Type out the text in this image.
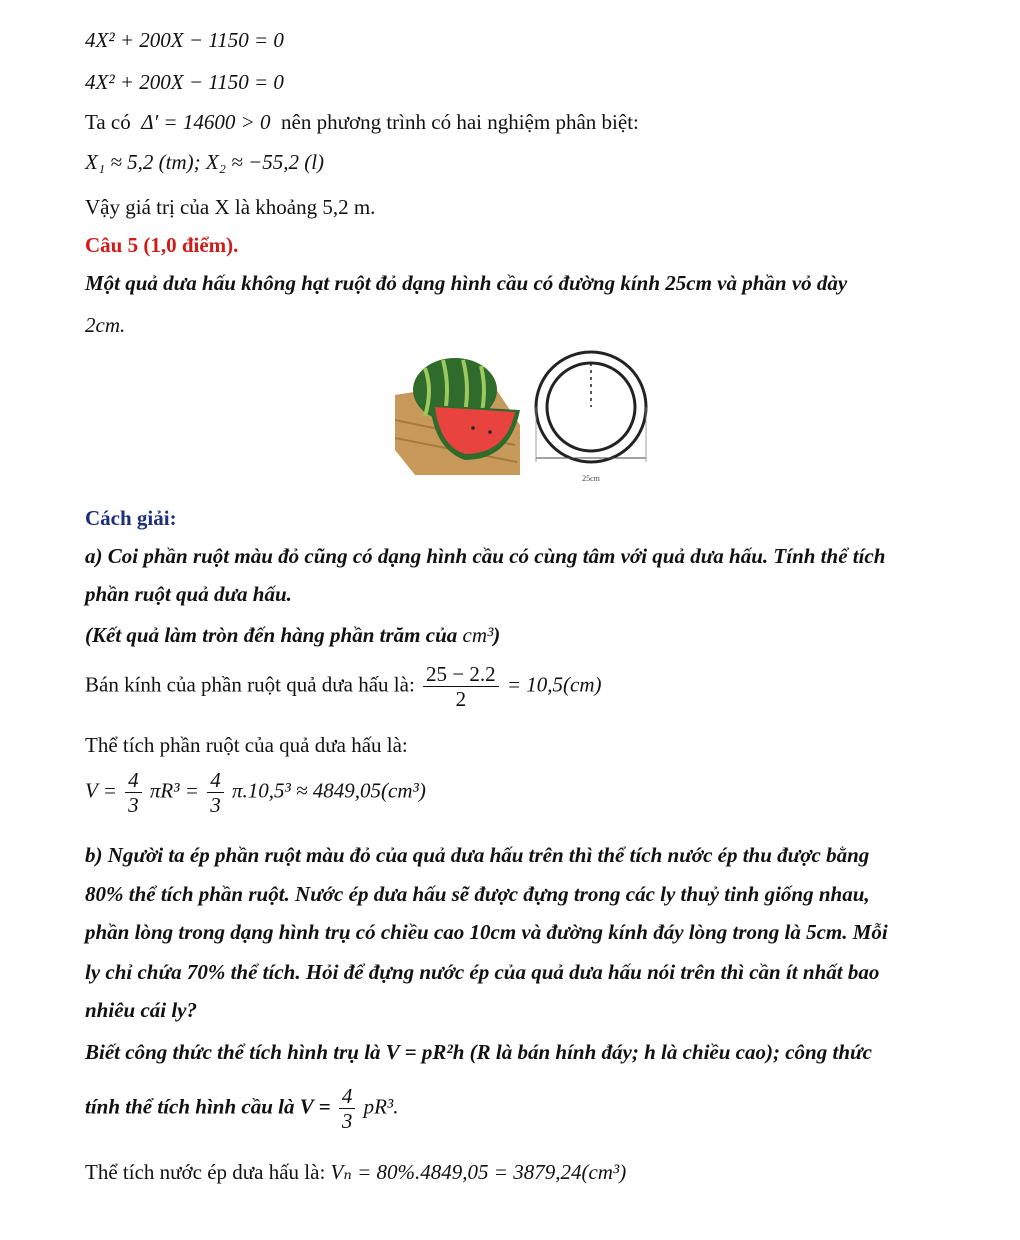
4X² + 200X − 1150 = 0
4X² + 200X − 1150 = 0
Ta có Δ′ = 14600 > 0 nên phương trình có hai nghiệm phân biệt:
X₁ ≈ 5,2 (tm); X₂ ≈ −55,2 (l)
Vậy giá trị của X là khoảng 5,2 m.
Câu 5 (1,0 điểm).
Một quả dưa hấu không hạt ruột đỏ dạng hình cầu có đường kính 25cm và phần vỏ dày
2cm.
25cm
Cách giải:
a) Coi phần ruột màu đỏ cũng có dạng hình cầu có cùng tâm với quả dưa hấu. Tính thể tích
phần ruột quả dưa hấu.
(Kết quả làm tròn đến hàng phần trăm của cm³)
Bán kính của phần ruột quả dưa hấu là: $\frac{25 - 2.2}{2} = 10,5(cm)$
Thể tích phần ruột của quả dưa hấu là:
$V = \frac{4}{3} \pi R^3 = \frac{4}{3} \pi.10,5^3 \approx 4849,05(cm^3)$
b) Người ta ép phần ruột màu đỏ của quả dưa hấu trên thì thể tích nước ép thu được bằng
80% thể tích phần ruột. Nước ép dưa hấu sẽ được đựng trong các ly thuỷ tinh giống nhau,
phần lòng trong dạng hình trụ có chiều cao 10cm và đường kính đáy lòng trong là 5cm. Mỗi
ly chỉ chứa 70% thể tích. Hỏi để đựng nước ép của quả dưa hấu nói trên thì cần ít nhất bao
nhiêu cái ly?
Biết công thức thể tích hình trụ là V = pR²h (R là bán hính đáy; h là chiều cao); công thức
tính thể tích hình cầu là $V = \frac{4}{3} pR^3$.
Thể tích nước ép dưa hấu là: Vₙ = 80%.4849,05 = 3879,24(cm³)
